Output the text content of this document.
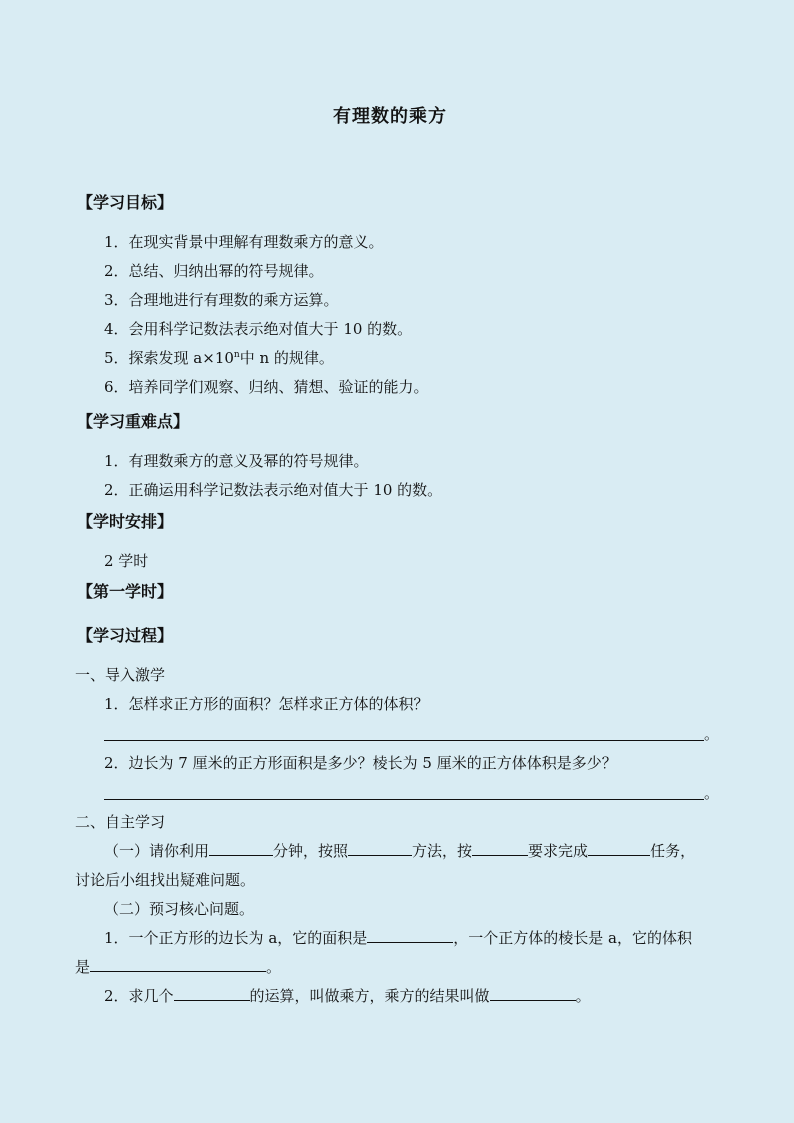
有理数的乘方
【学习目标】
1．在现实背景中理解有理数乘方的意义。
2．总结、归纳出幂的符号规律。
3．合理地进行有理数的乘方运算。
4．会用科学记数法表示绝对值大于 10 的数。
5．探索发现 $a\times 10^n$中 n 的规律。
6．培养同学们观察、归纳、猜想、验证的能力。
【学习重难点】
1．有理数乘方的意义及幂的符号规律。
2．正确运用科学记数法表示绝对值大于 10 的数。
【学时安排】
2 学时
【第一学时】
【学习过程】
一、导入激学
1．怎样求正方形的面积？怎样求正方体的体积？
。
2．边长为 7 厘米的正方形面积是多少？棱长为 5 厘米的正方体体积是多少？
。
二、自主学习
（一）请你利用	分钟，按照	方法，按	要求完成	任务，
讨论后小组找出疑难问题。
（二）预习核心问题。
1．一个正方形的边长为 a，它的面积是	，一个正方体的棱长是 a，它的体积
是	。
2．求几个	的运算，叫做乘方，乘方的结果叫做	。
